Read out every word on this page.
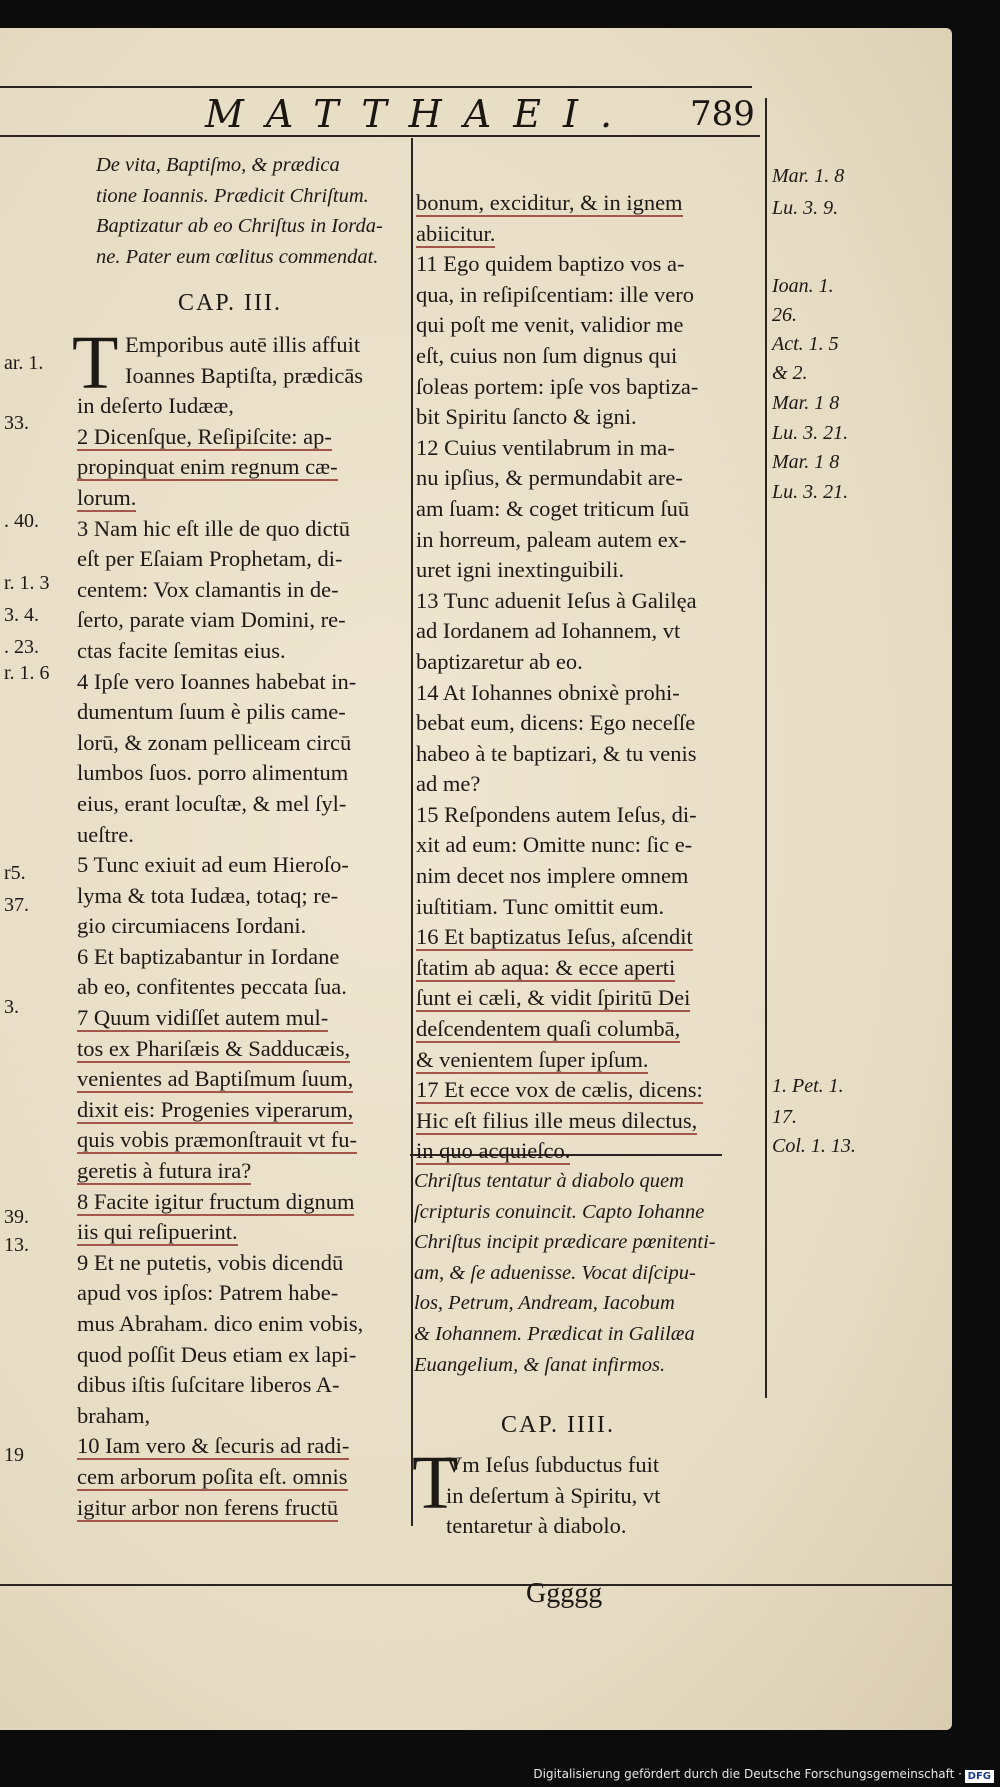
MATTHAEI. 789
De vita, Baptiſmo, & prædica
tione Ioannis. Prædicit Chriſtum.
Baptizatur ab eo Chriſtus in Iorda-
ne. Pater eum cœlitus commendat.
CAP. III.
T Emporibus autē illis affuit
Ioannes Baptiſta, prædicās
in deſerto Iudææ,
2 Dicenſque, Reſipiſcite: ap-
propinquat enim regnum cæ-
lorum.
3 Nam hic eſt ille de quo dictū
eſt per Eſaiam Prophetam, di-
centem: Vox clamantis in de-
ſerto, parate viam Domini, re-
ctas facite ſemitas eius.
4 Ipſe vero Ioannes habebat in-
dumentum ſuum è pilis came-
lorū, & zonam pelliceam circū
lumbos ſuos. porro alimentum
eius, erant locuſtæ, & mel ſyl-
ueſtre.
5 Tunc exiuit ad eum Hieroſo-
lyma & tota Iudæa, totaq; re-
gio circumiacens Iordani.
6 Et baptizabantur in Iordane
ab eo, confitentes peccata ſua.
7 Quum vidiſſet autem mul-
tos ex Phariſæis & Sadducæis,
venientes ad Baptiſmum ſuum,
dixit eis: Progenies viperarum,
quis vobis præmonſtrauit vt fu-
geretis à futura ira?
8 Facite igitur fructum dignum
iis qui reſipuerint.
9 Et ne putetis, vobis dicendū
apud vos ipſos: Patrem habe-
mus Abraham. dico enim vobis,
quod poſſit Deus etiam ex lapi-
dibus iſtis ſuſcitare liberos A-
braham,
10 Iam vero & ſecuris ad radi-
cem arborum poſita eſt. omnis
igitur arbor non ferens fructū
bonum, exciditur, & in ignem
abiicitur.
11 Ego quidem baptizo vos a-
qua, in reſipiſcentiam: ille vero
qui poſt me venit, validior me
eſt, cuius non ſum dignus qui
ſoleas portem: ipſe vos baptiza-
bit Spiritu ſancto & igni.
12 Cuius ventilabrum in ma-
nu ipſius, & permundabit are-
am ſuam: & coget triticum ſuū
in horreum, paleam autem ex-
uret igni inextinguibili.
13 Tunc aduenit Ieſus à Galilęa
ad Iordanem ad Iohannem, vt
baptizaretur ab eo.
14 At Iohannes obnixè prohi-
bebat eum, dicens: Ego neceſſe
habeo à te baptizari, & tu venis
ad me?
15 Reſpondens autem Ieſus, di-
xit ad eum: Omitte nunc: ſic e-
nim decet nos implere omnem
iuſtitiam. Tunc omittit eum.
16 Et baptizatus Ieſus, aſcendit
ſtatim ab aqua: & ecce aperti
ſunt ei cæli, & vidit ſpiritū Dei
deſcendentem quaſi columbā,
& venientem ſuper ipſum.
17 Et ecce vox de cælis, dicens:
Hic eſt filius ille meus dilectus,
in quo acquieſco.
Chriſtus tentatur à diabolo quem
ſcripturis conuincit. Capto Iohanne
Chriſtus incipit prædicare pœnitenti-
am, & ſe aduenisse. Vocat diſcipu-
los, Petrum, Andream, Iacobum
& Iohannem. Prædicat in Galilæa
Euangelium, & ſanat infirmos.
CAP. IIII.
T
Vm Ieſus ſubductus fuit
in deſertum à Spiritu, vt
tentaretur à diabolo.
Ggggg
Mar. 1. 8
Lu. 3. 9.
Ioan. 1.
26.
Act. 1. 5
& 2.
Mar. 1 8
Lu. 3. 21.
Mar. 1 8
Lu. 3. 21.
1. Pet. 1.
17.
Col. 1. 13.
ar. 1.
33.
. 40.
r. 1. 3
3. 4.
. 23.
r. 1. 6
r5.
37.
3.
39.
13.
19
Digitalisierung gefördert durch die Deutsche Forschungsgemeinschaft · DFG
